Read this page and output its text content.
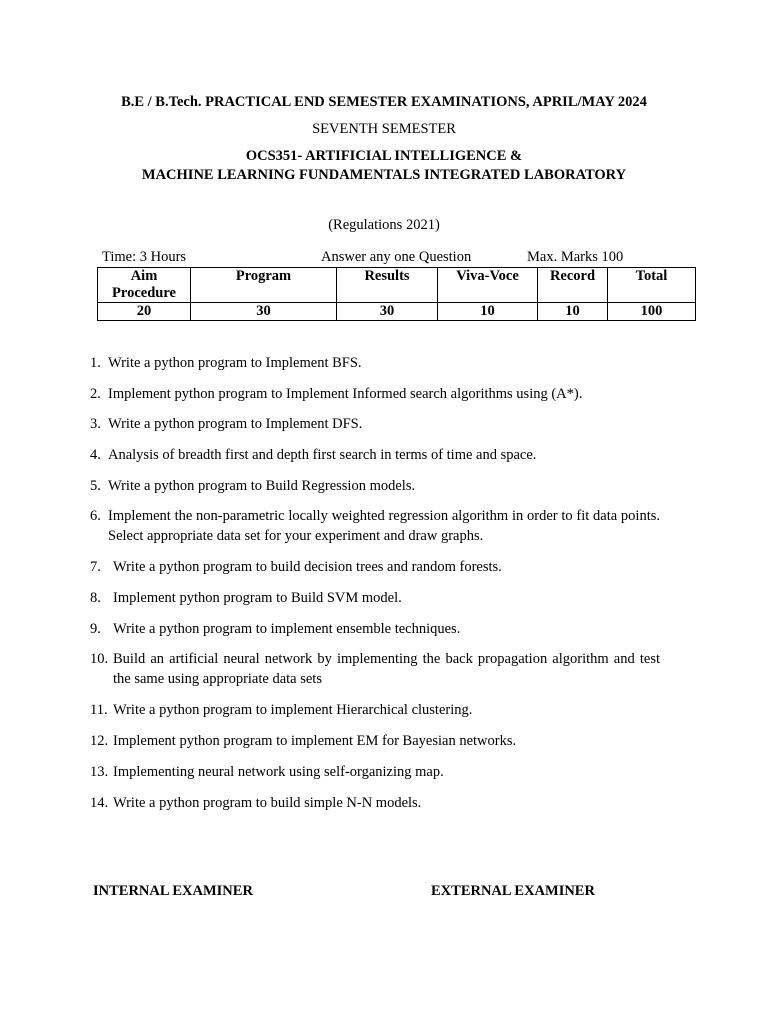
B.E / B.Tech. PRACTICAL END SEMESTER EXAMINATIONS, APRIL/MAY 2024
SEVENTH SEMESTER
OCS351- ARTIFICIAL INTELLIGENCE &
MACHINE LEARNING FUNDAMENTALS INTEGRATED LABORATORY
(Regulations 2021)
Time: 3 Hours	Answer any one Question	Max. Marks 100
Aim Procedure	Program	Results	Viva-Voce	Record	Total
20	30	30	10	10	100
1. Write a python program to Implement BFS.
2. Implement python program to Implement Informed search algorithms using (A*).
3. Write a python program to Implement DFS.
4. Analysis of breadth first and depth first search in terms of time and space.
5. Write a python program to Build Regression models.
6. Implement the non-parametric locally weighted regression algorithm in order to fit data points. Select appropriate data set for your experiment and draw graphs.
7. Write a python program to build decision trees and random forests.
8. Implement python program to Build SVM model.
9. Write a python program to implement ensemble techniques.
10. Build an artificial neural network by implementing the back propagation algorithm and test the same using appropriate data sets
11. Write a python program to implement Hierarchical clustering.
12. Implement python program to implement EM for Bayesian networks.
13. Implementing neural network using self-organizing map.
14. Write a python program to build simple N-N models.
INTERNAL EXAMINER	EXTERNAL EXAMINER
